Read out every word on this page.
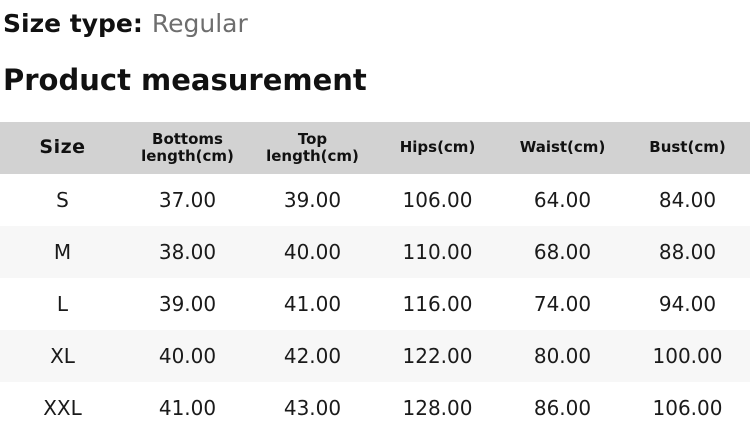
Size type: Regular
Product measurement
Size	Bottoms length(cm)	Top length(cm)	Hips(cm)	Waist(cm)	Bust(cm)
S	37.00	39.00	106.00	64.00	84.00
M	38.00	40.00	110.00	68.00	88.00
L	39.00	41.00	116.00	74.00	94.00
XL	40.00	42.00	122.00	80.00	100.00
XXL	41.00	43.00	128.00	86.00	106.00
